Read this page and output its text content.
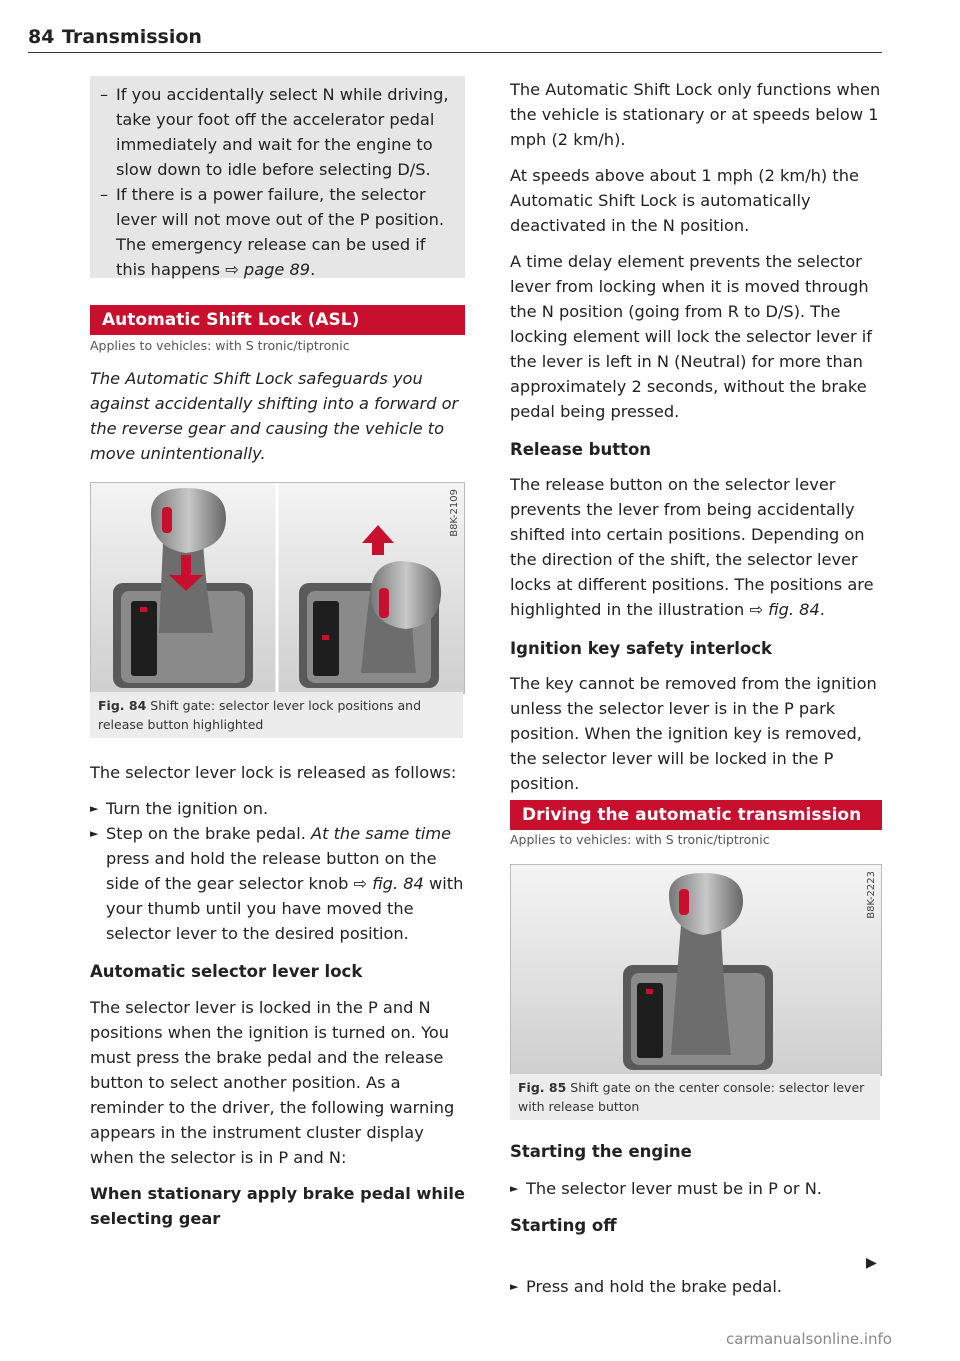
84 Transmission
– If you accidentally select N while driving, take your foot off the accelerator pedal immediately and wait for the engine to slow down to idle before selecting D/S.
– If there is a power failure, the selector lever will not move out of the P position. The emergency release can be used if this happens ⇨ page 89.
Automatic Shift Lock (ASL)
Applies to vehicles: with S tronic/tiptronic
The Automatic Shift Lock safeguards you against accidentally shifting into a forward or the reverse gear and causing the vehicle to move unintentionally.
B8K-2109
Fig. 84 Shift gate: selector lever lock positions and release button highlighted
The selector lever lock is released as follows:
► Turn the ignition on.
► Step on the brake pedal. At the same time press and hold the release button on the side of the gear selector knob ⇨ fig. 84 with your thumb until you have moved the selector lever to the desired position.
Automatic selector lever lock
The selector lever is locked in the P and N positions when the ignition is turned on. You must press the brake pedal and the release button to select another position. As a reminder to the driver, the following warning appears in the instrument cluster display when the selector is in P and N:
When stationary apply brake pedal while selecting gear
The Automatic Shift Lock only functions when the vehicle is stationary or at speeds below 1 mph (2 km/h).
At speeds above about 1 mph (2 km/h) the Automatic Shift Lock is automatically deactivated in the N position.
A time delay element prevents the selector lever from locking when it is moved through the N position (going from R to D/S). The locking element will lock the selector lever if the lever is left in N (Neutral) for more than approximately 2 seconds, without the brake pedal being pressed.
Release button
The release button on the selector lever prevents the lever from being accidentally shifted into certain positions. Depending on the direction of the shift, the selector lever locks at different positions. The positions are highlighted in the illustration ⇨ fig. 84.
Ignition key safety interlock
The key cannot be removed from the ignition unless the selector lever is in the P park position. When the ignition key is removed, the selector lever will be locked in the P position.
Driving the automatic transmission
Applies to vehicles: with S tronic/tiptronic
B8K-2223
Fig. 85 Shift gate on the center console: selector lever with release button
Starting the engine
► The selector lever must be in P or N.
Starting off
► Press and hold the brake pedal.
▶
carmanualsonline.info
